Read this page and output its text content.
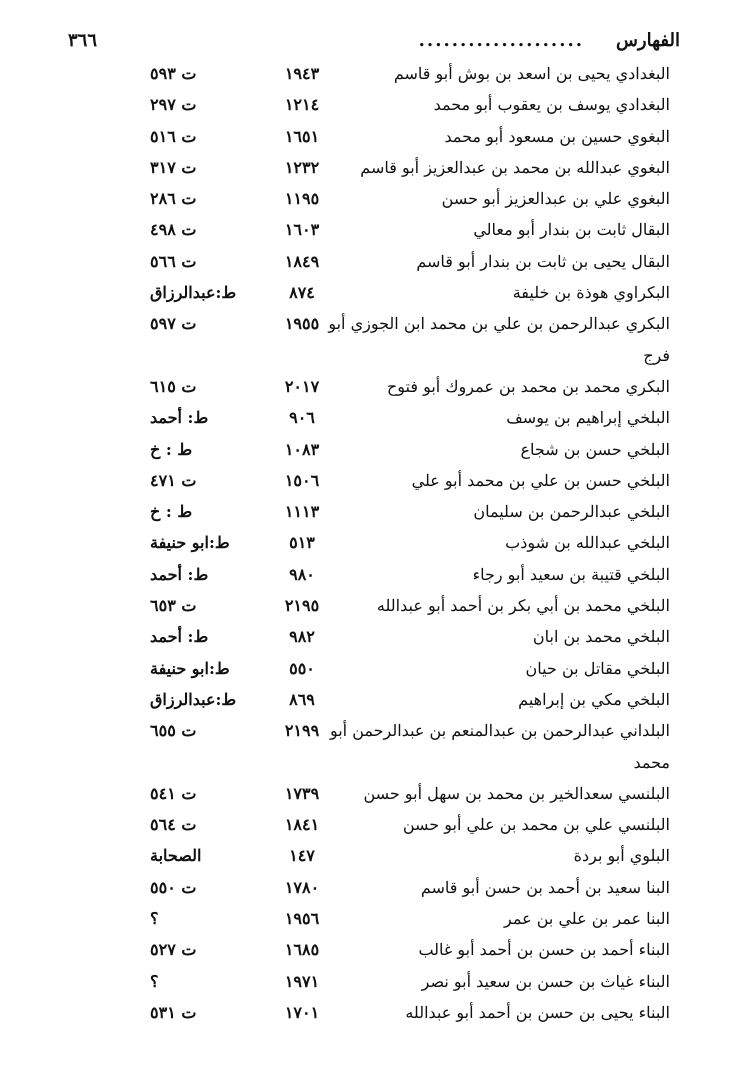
الفهارس
....................
٣٦٦
البغدادي يحيى بن اسعد بن بوش أبو قاسم
١٩٤٣
ت ٥٩٣
البغدادي يوسف بن يعقوب أبو محمد
١٢١٤
ت ٢٩٧
البغوي حسين بن مسعود أبو محمد
١٦٥١
ت ٥١٦
البغوي عبدالله بن محمد بن عبدالعزيز أبو قاسم
١٢٣٢
ت ٣١٧
البغوي علي بن عبدالعزيز أبو حسن
١١٩٥
ت ٢٨٦
البقال ثابت بن بندار أبو معالي
١٦٠٣
ت ٤٩٨
البقال يحيى بن ثابت بن بندار أبو قاسم
١٨٤٩
ت ٥٦٦
البكراوي هوذة بن خليفة
٨٧٤
ط:عبدالرزاق
البكري عبدالرحمن بن علي بن محمد ابن الجوزي أبو
١٩٥٥
ت ٥٩٧
فرج
البكري محمد بن محمد بن عمروك أبو فتوح
٢٠١٧
ت ٦١٥
البلخي إبراهيم بن يوسف
٩٠٦
ط: أحمد
البلخي حسن بن شجاع
١٠٨٣
ط : خ
البلخي حسن بن علي بن محمد أبو علي
١٥٠٦
ت ٤٧١
البلخي عبدالرحمن بن سليمان
١١١٣
ط : خ
البلخي عبدالله بن شوذب
٥١٣
ط:ابو حنيفة
البلخي قتيبة بن سعيد أبو رجاء
٩٨٠
ط: أحمد
البلخي محمد بن أبي بكر بن أحمد أبو عبدالله
٢١٩٥
ت ٦٥٣
البلخي محمد بن ابان
٩٨٢
ط: أحمد
البلخي مقاتل بن حيان
٥٥٠
ط:ابو حنيفة
البلخي مكي بن إبراهيم
٨٦٩
ط:عبدالرزاق
البلداني عبدالرحمن بن عبدالمنعم بن عبدالرحمن أبو
٢١٩٩
ت ٦٥٥
محمد
البلنسي سعدالخير بن محمد بن سهل أبو حسن
١٧٣٩
ت ٥٤١
البلنسي علي بن محمد بن علي أبو حسن
١٨٤١
ت ٥٦٤
البلوي أبو بردة
١٤٧
الصحابة
البنا سعيد بن أحمد بن حسن أبو قاسم
١٧٨٠
ت ٥٥٠
البنا عمر بن علي بن عمر
١٩٥٦
؟
البناء أحمد بن حسن بن أحمد أبو غالب
١٦٨٥
ت ٥٢٧
البناء غياث بن حسن بن سعيد أبو نصر
١٩٧١
؟
البناء يحيى بن حسن بن أحمد أبو عبدالله
١٧٠١
ت ٥٣١
